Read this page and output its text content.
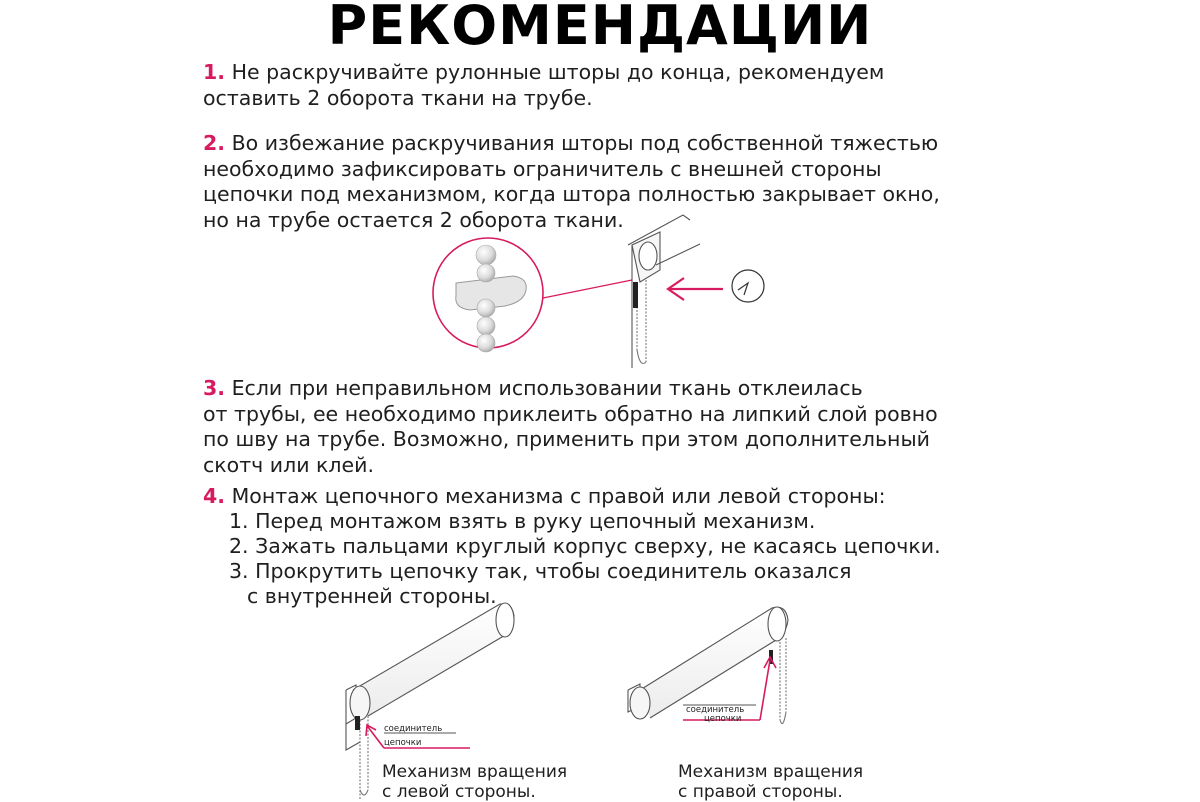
РЕКОМЕНДАЦИИ
1. Не раскручивайте рулонные шторы до конца, рекомендуем
оставить 2 оборота ткани на трубе.
2. Во избежание раскручивания шторы под собственной тяжестью
необходимо зафиксировать ограничитель с внешней стороны
цепочки под механизмом, когда штора полностью закрывает окно,
но на трубе остается 2 оборота ткани.
3. Если при неправильном использовании ткань отклеилась
от трубы, ее необходимо приклеить обратно на липкий слой ровно
по шву на трубе. Возможно, применить при этом дополнительный
скотч или клей.
4. Монтаж цепочного механизма с правой или левой стороны:
1. Перед монтажом взять в руку цепочный механизм.
2. Зажать пальцами круглый корпус сверху, не касаясь цепочки.
3. Прокрутить цепочку так, чтобы соединитель оказался
с внутренней стороны.
соединитель
цепочки
соединитель
цепочки
Механизм вращения
с левой стороны.
Механизм вращения
с правой стороны.
